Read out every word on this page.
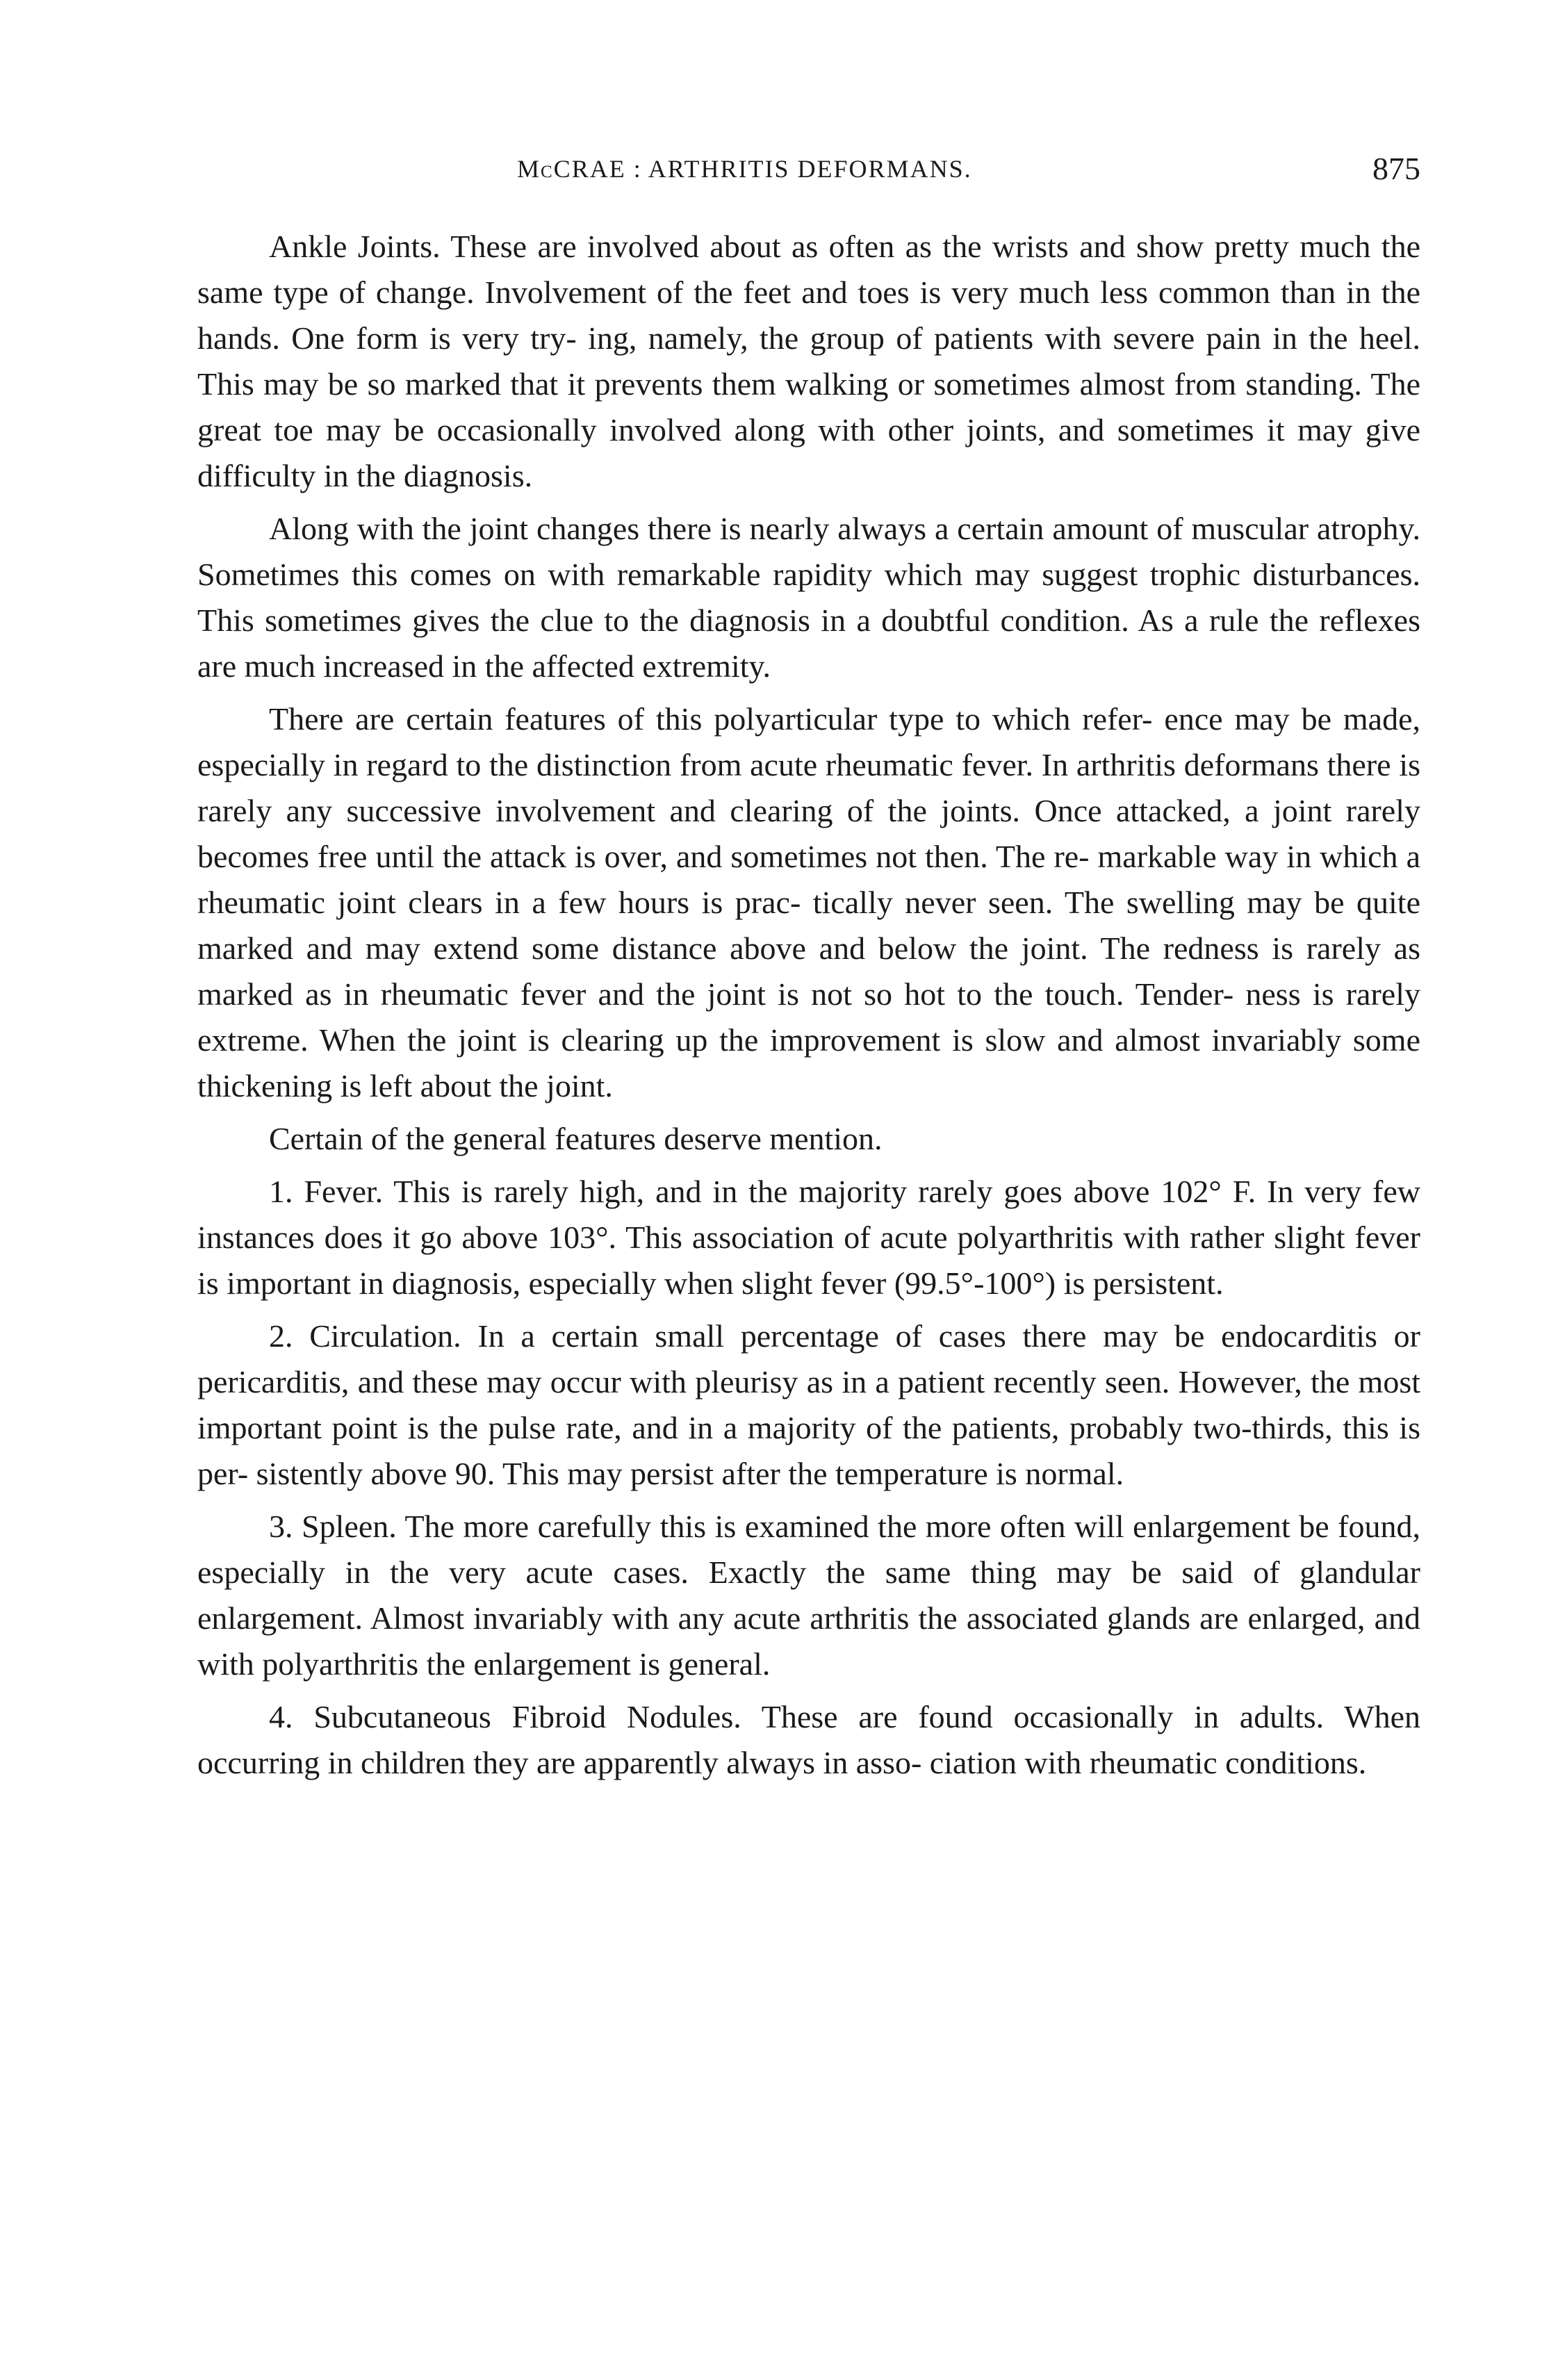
McCRAE : ARTHRITIS DEFORMANS.	875

Ankle Joints. These are involved about as often as the wrists and show pretty much the same type of change. Involvement of the feet and toes is very much less common than in the hands. One form is very try- ing, namely, the group of patients with severe pain in the heel. This may be so marked that it prevents them walking or sometimes almost from standing. The great toe may be occasionally involved along with other joints, and sometimes it may give difficulty in the diagnosis.

Along with the joint changes there is nearly always a certain amount of muscular atrophy. Sometimes this comes on with remarkable rapidity which may suggest trophic disturbances. This sometimes gives the clue to the diagnosis in a doubtful condition. As a rule the reflexes are much increased in the affected extremity.

There are certain features of this polyarticular type to which refer- ence may be made, especially in regard to the distinction from acute rheumatic fever. In arthritis deformans there is rarely any successive involvement and clearing of the joints. Once attacked, a joint rarely becomes free until the attack is over, and sometimes not then. The re- markable way in which a rheumatic joint clears in a few hours is prac- tically never seen. The swelling may be quite marked and may extend some distance above and below the joint. The redness is rarely as marked as in rheumatic fever and the joint is not so hot to the touch. Tender- ness is rarely extreme. When the joint is clearing up the improvement is slow and almost invariably some thickening is left about the joint.

Certain of the general features deserve mention.

1. Fever. This is rarely high, and in the majority rarely goes above 102° F. In very few instances does it go above 103°. This association of acute polyarthritis with rather slight fever is important in diagnosis, especially when slight fever (99.5°-100°) is persistent.

2. Circulation. In a certain small percentage of cases there may be endocarditis or pericarditis, and these may occur with pleurisy as in a patient recently seen. However, the most important point is the pulse rate, and in a majority of the patients, probably two-thirds, this is per- sistently above 90. This may persist after the temperature is normal.

3. Spleen. The more carefully this is examined the more often will enlargement be found, especially in the very acute cases. Exactly the same thing may be said of glandular enlargement. Almost invariably with any acute arthritis the associated glands are enlarged, and with polyarthritis the enlargement is general.

4. Subcutaneous Fibroid Nodules. These are found occasionally in adults. When occurring in children they are apparently always in asso- ciation with rheumatic conditions.
